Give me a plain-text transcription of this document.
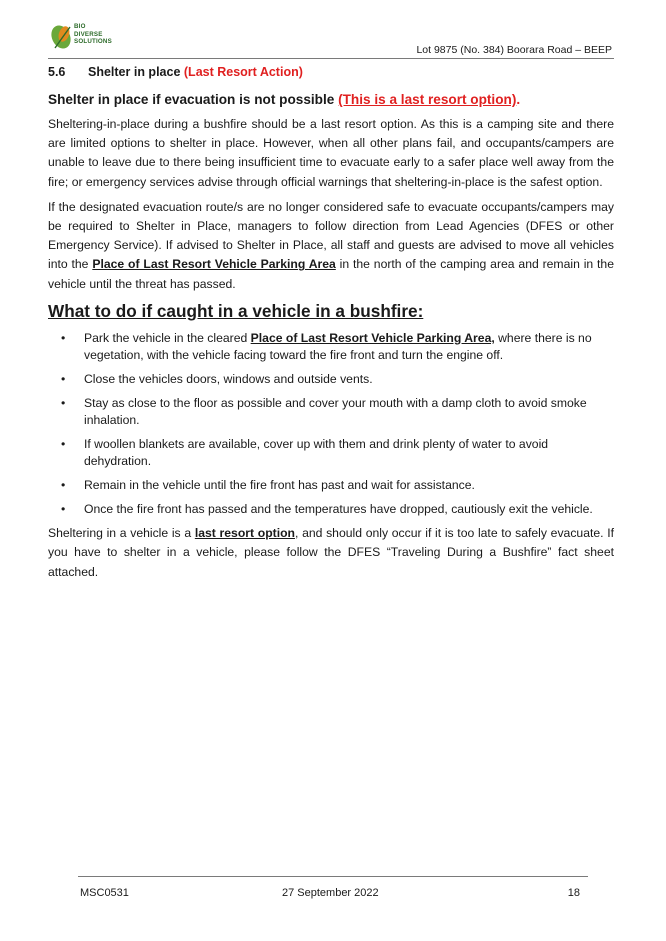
BIO
DIVERSE
SOLUTIONS
Lot 9875 (No. 384) Boorara Road – BEEP
5.6 Shelter in place (Last Resort Action)
Shelter in place if evacuation is not possible (This is a last resort option).

Sheltering-in-place during a bushfire should be a last resort option. As this is a camping site and there are limited options to shelter in place. However, when all other plans fail, and occupants/campers are unable to leave due to there being insufficient time to evacuate early to a safer place well away from the fire; or emergency services advise through official warnings that sheltering-in-place is the safest option.

If the designated evacuation route/s are no longer considered safe to evacuate occupants/campers may be required to Shelter in Place, managers to follow direction from Lead Agencies (DFES or other Emergency Service). If advised to Shelter in Place, all staff and guests are advised to move all vehicles into the Place of Last Resort Vehicle Parking Area in the north of the camping area and remain in the vehicle until the threat has passed.

What to do if caught in a vehicle in a bushfire:
• Park the vehicle in the cleared Place of Last Resort Vehicle Parking Area, where there is no vegetation, with the vehicle facing toward the fire front and turn the engine off.
• Close the vehicles doors, windows and outside vents.
• Stay as close to the floor as possible and cover your mouth with a damp cloth to avoid smoke inhalation.
• If woollen blankets are available, cover up with them and drink plenty of water to avoid dehydration.
• Remain in the vehicle until the fire front has past and wait for assistance.
• Once the fire front has passed and the temperatures have dropped, cautiously exit the vehicle.

Sheltering in a vehicle is a last resort option, and should only occur if it is too late to safely evacuate. If you have to shelter in a vehicle, please follow the DFES “Traveling During a Bushfire” fact sheet attached.

MSC0531	27 September 2022	18
